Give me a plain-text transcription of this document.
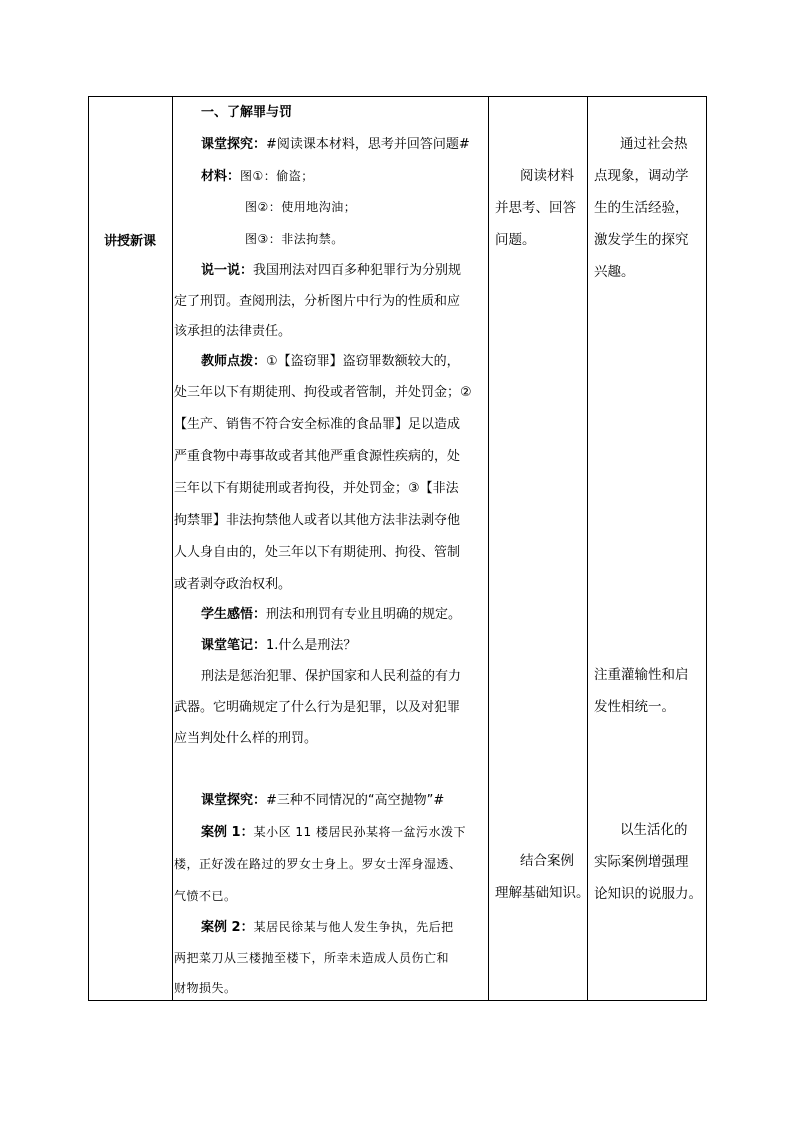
讲授新课
一、了解罪与罚
课堂探究：#阅读课本材料，思考并回答问题#
材料：图①：偷盗；
图②：使用地沟油；
图③：非法拘禁。
说一说：我国刑法对四百多种犯罪行为分别规
定了刑罚。查阅刑法，分析图片中行为的性质和应
该承担的法律责任。
教师点拨：①【盗窃罪】盗窃罪数额较大的，
处三年以下有期徒刑、拘役或者管制，并处罚金；②
【生产、销售不符合安全标准的食品罪】足以造成
严重食物中毒事故或者其他严重食源性疾病的，处
三年以下有期徒刑或者拘役，并处罚金；③【非法
拘禁罪】非法拘禁他人或者以其他方法非法剥夺他
人人身自由的，处三年以下有期徒刑、拘役、管制
或者剥夺政治权利。
学生感悟：刑法和刑罚有专业且明确的规定。
课堂笔记：1.什么是刑法？
刑法是惩治犯罪、保护国家和人民利益的有力
武器。它明确规定了什么行为是犯罪，以及对犯罪
应当判处什么样的刑罚。
课堂探究：#三种不同情况的“高空抛物”#
案例 1：某小区 11 楼居民孙某将一盆污水泼下
楼，正好泼在路过的罗女士身上。罗女士浑身湿透、
气愤不已。
案例 2：某居民徐某与他人发生争执，先后把
两把菜刀从三楼抛至楼下，所幸未造成人员伤亡和
财物损失。
阅读材料
并思考、回答
问题。
结合案例
理解基础知识。
通过社会热
点现象，调动学
生的生活经验，
激发学生的探究
兴趣。
注重灌输性和启
发性相统一。
以生活化的
实际案例增强理
论知识的说服力。
